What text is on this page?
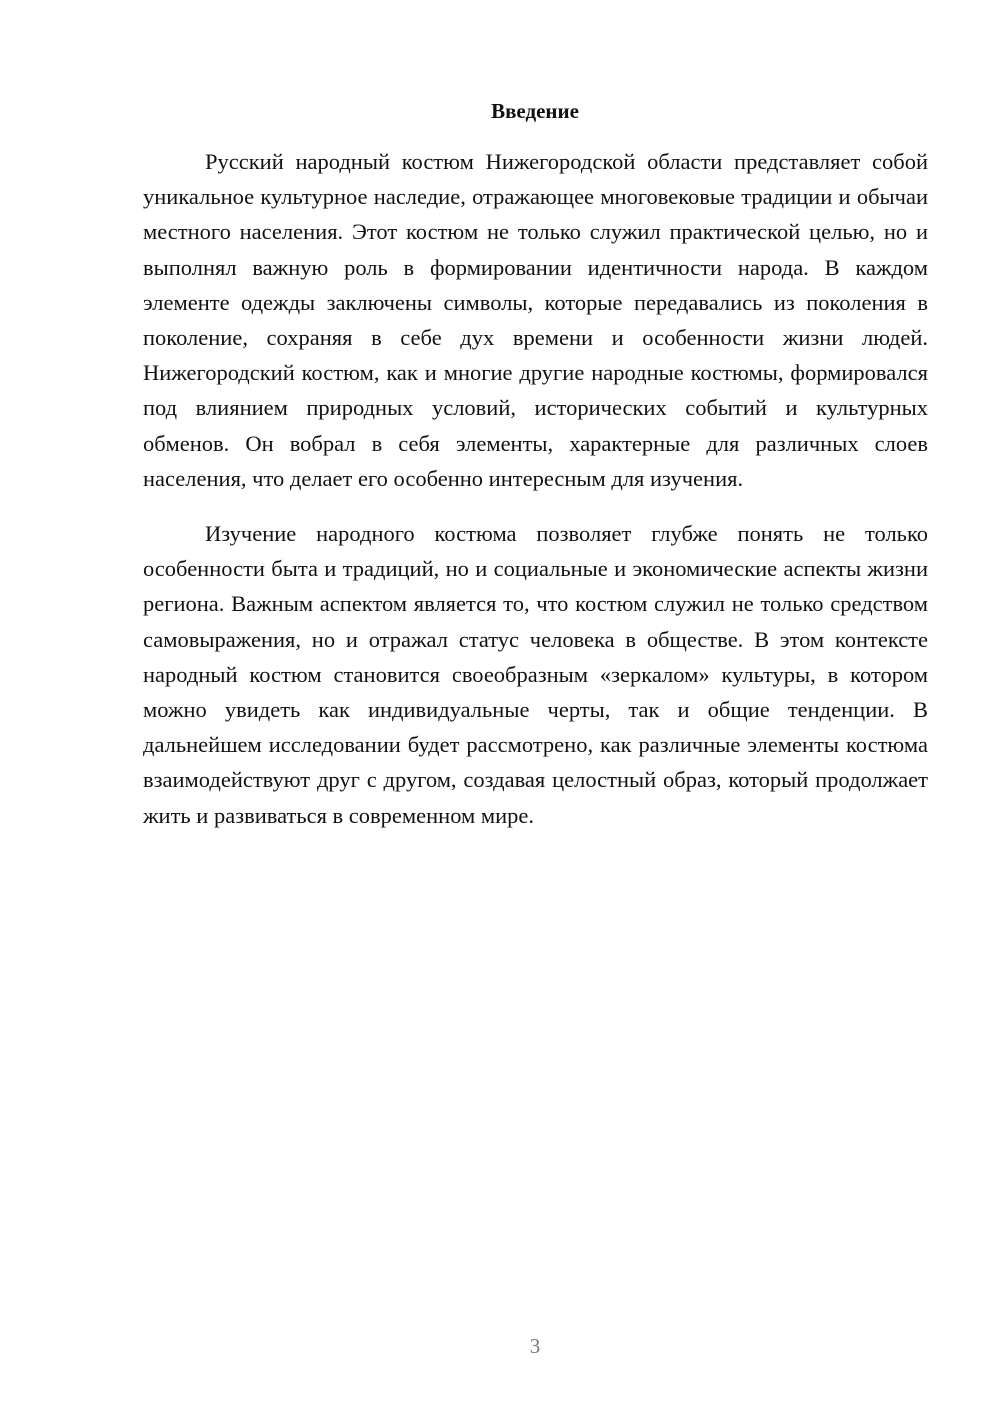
Введение

Русский народный костюм Нижегородской области представляет собой уникальное культурное наследие, отражающее многовековые традиции и обычаи местного населения. Этот костюм не только служил практической целью, но и выполнял важную роль в формировании идентичности народа. В каждом элементе одежды заключены символы, которые передавались из поколения в поколение, сохраняя в себе дух времени и особенности жизни людей. Нижегородский костюм, как и многие другие народные костюмы, формировался под влиянием природных условий, исторических событий и культурных обменов. Он вобрал в себя элементы, характерные для различных слоев населения, что делает его особенно интересным для изучения.

Изучение народного костюма позволяет глубже понять не только особенности быта и традиций, но и социальные и экономические аспекты жизни региона. Важным аспектом является то, что костюм служил не только средством самовыражения, но и отражал статус человека в обществе. В этом контексте народный костюм становится своеобразным «зеркалом» культуры, в котором можно увидеть как индивидуальные черты, так и общие тенденции. В дальнейшем исследовании будет рассмотрено, как различные элементы костюма взаимодействуют друг с другом, создавая целостный образ, который продолжает жить и развиваться в современном мире.

3
